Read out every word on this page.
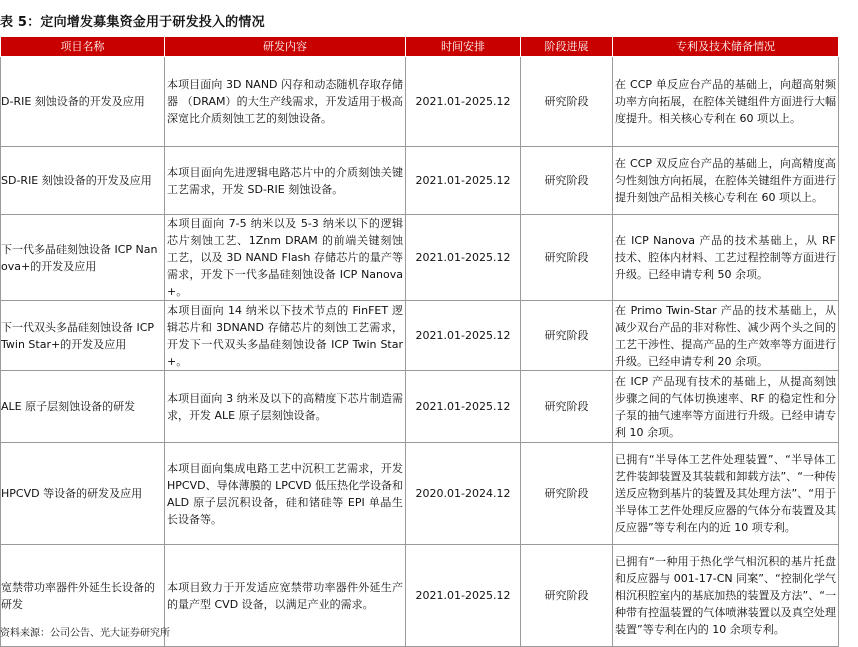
表 5：定向增发募集资金用于研发投入的情况
项目名称	研发内容	时间安排	阶段进展	专利及技术储备情况
D-RIE 刻蚀设备的开发及应用	本项目面向 3D NAND 闪存和动态随机存取存储器 （DRAM）的大生产线需求，开发适用于极高深宽比介质刻蚀工艺的刻蚀设备。	2021.01-2025.12	研究阶段	在 CCP 单反应台产品的基础上，向超高射频功率方向拓展，在腔体关键组件方面进行大幅度提升。相关核心专利在 60 项以上。
SD-RIE 刻蚀设备的开发及应用	本项目面向先进逻辑电路芯片中的介质刻蚀关键工艺需求，开发 SD-RIE 刻蚀设备。	2021.01-2025.12	研究阶段	在 CCP 双反应台产品的基础上，向高精度高匀性刻蚀方向拓展，在腔体关键组件方面进行提升刻蚀产品相关核心专利在 60 项以上。
下一代多晶硅刻蚀设备 ICP Nanova+的开发及应用	本项目面向 7-5 纳米以及 5-3 纳米以下的逻辑芯片刻蚀工艺、1Znm DRAM 的前端关键刻蚀工艺，以及 3D NAND Flash 存储芯片的量产等需求，开发下一代多晶硅刻蚀设备 ICP Nanova+。	2021.01-2025.12	研究阶段	在 ICP Nanova 产品的技术基础上，从 RF 技术、腔体内材料、工艺过程控制等方面进行升级。已经申请专利 50 余项。
下一代双头多晶硅刻蚀设备 ICP Twin Star+的开发及应用	本项目面向 14 纳米以下技术节点的 FinFET 逻辑芯片和 3DNAND 存储芯片的刻蚀工艺需求，开发下一代双头多晶硅刻蚀设备 ICP Twin Star+。	2021.01-2025.12	研究阶段	在 Primo Twin-Star 产品的技术基础上，从减少双台产品的非对称性、减少两个头之间的工艺干涉性、提高产品的生产效率等方面进行升级。已经申请专利 20 余项。
ALE 原子层刻蚀设备的研发	本项目面向 3 纳米及以下的高精度下芯片制造需求，开发 ALE 原子层刻蚀设备。	2021.01-2025.12	研究阶段	在 ICP 产品现有技术的基础上，从提高刻蚀步骤之间的气体切换速率、RF 的稳定性和分子泵的抽气速率等方面进行升级。已经申请专利 10 余项。
HPCVD 等设备的研发及应用	本项目面向集成电路工艺中沉积工艺需求，开发 HPCVD、导体薄膜的 LPCVD 低压热化学设备和 ALD 原子层沉积设备，硅和锗硅等 EPI 单晶生长设备等。	2020.01-2024.12	研究阶段	已拥有“半导体工艺件处理装置”、“半导体工艺件装卸装置及其装载和卸载方法”、“一种传送反应物到基片的装置及其处理方法”、“用于半导体工艺件处理反应器的气体分布装置及其反应器”等专利在内的近 10 项专利。
宽禁带功率器件外延生长设备的研发	本项目致力于开发适应宽禁带功率器件外延生产的量产型 CVD 设备，以满足产业的需求。	2021.01-2025.12	研究阶段	已拥有“一种用于热化学气相沉积的基片托盘和反应器与 001-17-CN 同案”、“控制化学气相沉积腔室内的基底加热的装置及方法”、“一种带有控温装置的气体喷淋装置以及真空处理装置”等专利在内的 10 余项专利。
资料来源：公司公告、光大证券研究所
